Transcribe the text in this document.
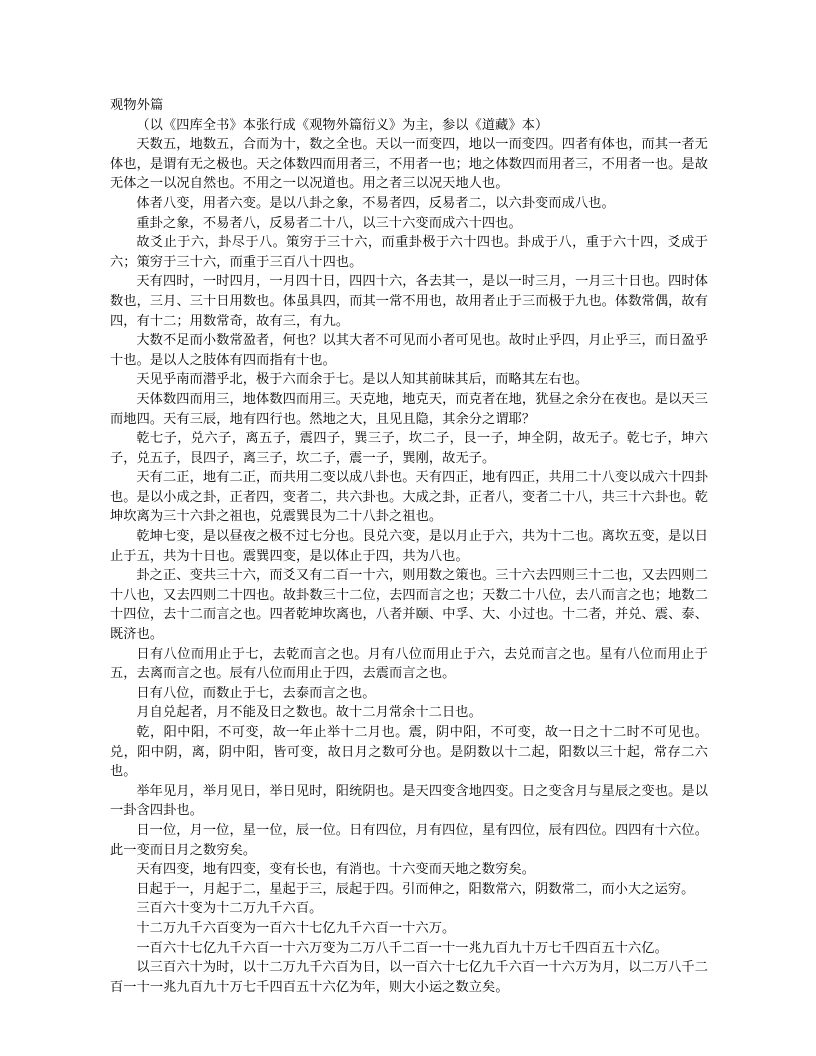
观物外篇
（以《四库全书》本张行成《观物外篇衍义》为主，参以《道藏》本）
天数五，地数五，合而为十，数之全也。天以一而变四，地以一而变四。四者有体也，而其一者无体也，是谓有无之极也。天之体数四而用者三，不用者一也；地之体数四而用者三，不用者一也。是故无体之一以况自然也。不用之一以况道也。用之者三以况天地人也。
体者八变，用者六变。是以八卦之象，不易者四，反易者二，以六卦变而成八也。
重卦之象，不易者八，反易者二十八，以三十六变而成六十四也。
故爻止于六，卦尽于八。策穷于三十六，而重卦极于六十四也。卦成于八，重于六十四，爻成于六；策穷于三十六，而重于三百八十四也。
天有四时，一时四月，一月四十日，四四十六，各去其一，是以一时三月，一月三十日也。四时体数也，三月、三十日用数也。体虽具四，而其一常不用也，故用者止于三而极于九也。体数常偶，故有四，有十二；用数常奇，故有三，有九。
大数不足而小数常盈者，何也？以其大者不可见而小者可见也。故时止乎四，月止乎三，而日盈乎十也。是以人之肢体有四而指有十也。
天见乎南而潜乎北，极于六而余于七。是以人知其前昧其后，而略其左右也。
天体数四而用三，地体数四而用三。天克地，地克天，而克者在地，犹昼之余分在夜也。是以天三而地四。天有三辰，地有四行也。然地之大，且见且隐，其余分之谓耶？
乾七子，兑六子，离五子，震四子，巽三子，坎二子，艮一子，坤全阴，故无子。乾七子，坤六子，兑五子，艮四子，离三子，坎二子，震一子，巽刚，故无子。
天有二正，地有二正，而共用二变以成八卦也。天有四正，地有四正，共用二十八变以成六十四卦也。是以小成之卦，正者四，变者二，共六卦也。大成之卦，正者八，变者二十八，共三十六卦也。乾坤坎离为三十六卦之祖也，兑震巽艮为二十八卦之祖也。
乾坤七变，是以昼夜之极不过七分也。艮兑六变，是以月止于六，共为十二也。离坎五变，是以日止于五，共为十日也。震巽四变，是以体止于四，共为八也。
卦之正、变共三十六，而爻又有二百一十六，则用数之策也。三十六去四则三十二也，又去四则二十八也，又去四则二十四也。故卦数三十二位，去四而言之也；天数二十八位，去八而言之也；地数二十四位，去十二而言之也。四者乾坤坎离也，八者并颐、中孚、大、小过也。十二者，并兑、震、泰、既济也。
日有八位而用止于七，去乾而言之也。月有八位而用止于六，去兑而言之也。星有八位而用止于五，去离而言之也。辰有八位而用止于四，去震而言之也。
日有八位，而数止于七，去泰而言之也。
月自兑起者，月不能及日之数也。故十二月常余十二日也。
乾，阳中阳，不可变，故一年止举十二月也。震，阴中阳，不可变，故一日之十二时不可见也。兑，阳中阴，离，阴中阳，皆可变，故日月之数可分也。是阴数以十二起，阳数以三十起，常存二六也。
举年见月，举月见日，举日见时，阳统阴也。是天四变含地四变。日之变含月与星辰之变也。是以一卦含四卦也。
日一位，月一位，星一位，辰一位。日有四位，月有四位，星有四位，辰有四位。四四有十六位。此一变而日月之数穷矣。
天有四变，地有四变，变有长也，有消也。十六变而天地之数穷矣。
日起于一，月起于二，星起于三，辰起于四。引而伸之，阳数常六，阴数常二，而小大之运穷。
三百六十变为十二万九千六百。
十二万九千六百变为一百六十七亿九千六百一十六万。
一百六十七亿九千六百一十六万变为二万八千二百一十一兆九百九十万七千四百五十六亿。
以三百六十为时，以十二万九千六百为日，以一百六十七亿九千六百一十六万为月，以二万八千二百一十一兆九百九十万七千四百五十六亿为年，则大小运之数立矣。
